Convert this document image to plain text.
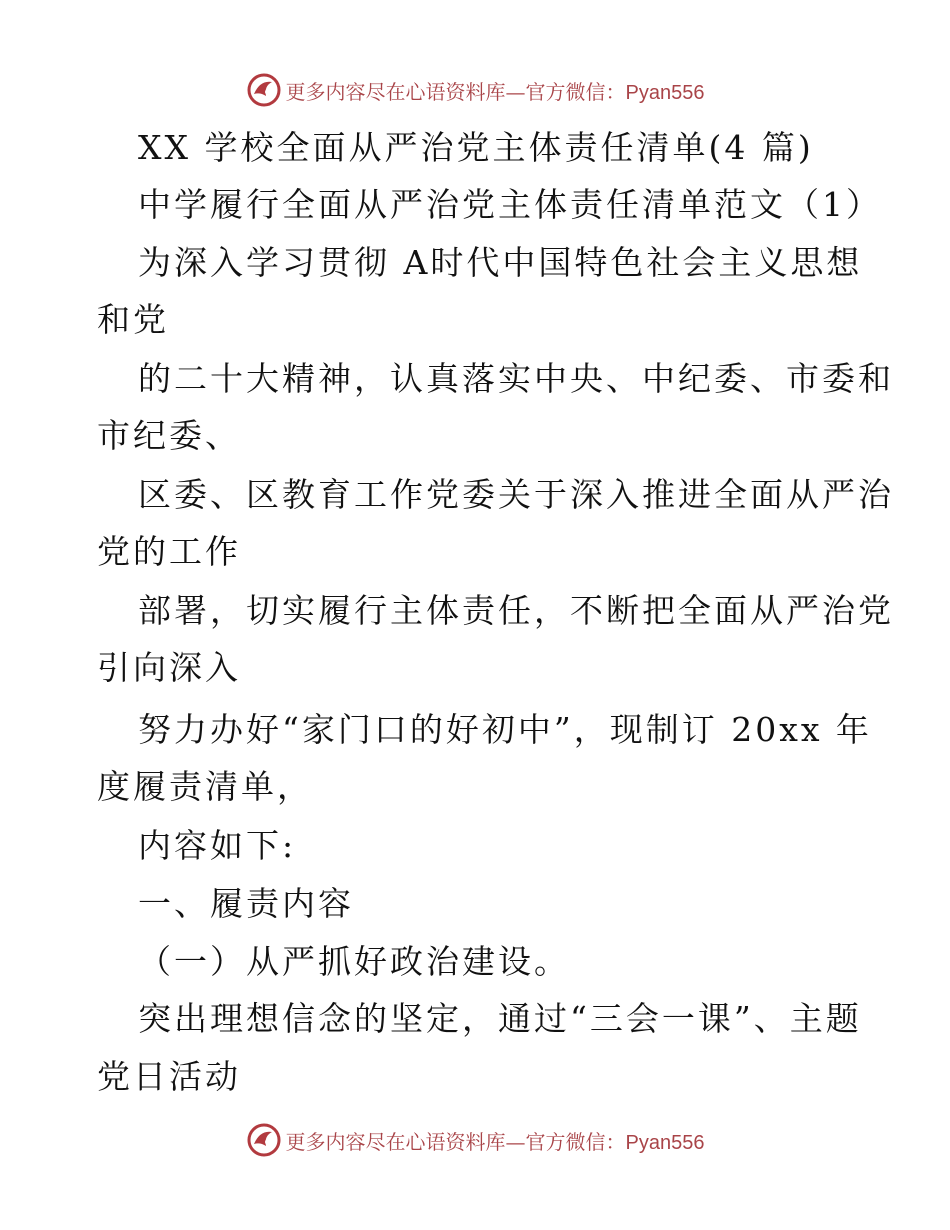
更多内容尽在心语资料库—官方微信：Pyan556
XX 学校全面从严治党主体责任清单(4 篇)
中学履行全面从严治党主体责任清单范文（1）
为深入学习贯彻 A时代中国特色社会主义思想
和党
的二十大精神，认真落实中央、中纪委、市委和
市纪委、
区委、区教育工作党委关于深入推进全面从严治
党的工作
部署，切实履行主体责任，不断把全面从严治党
引向深入
努力办好“家门口的好初中”，现制订 20xx 年
度履责清单，
内容如下:
一、履责内容
（一）从严抓好政治建设。
突出理想信念的坚定，通过“三会一课”、主题
党日活动
更多内容尽在心语资料库—官方微信：Pyan556
